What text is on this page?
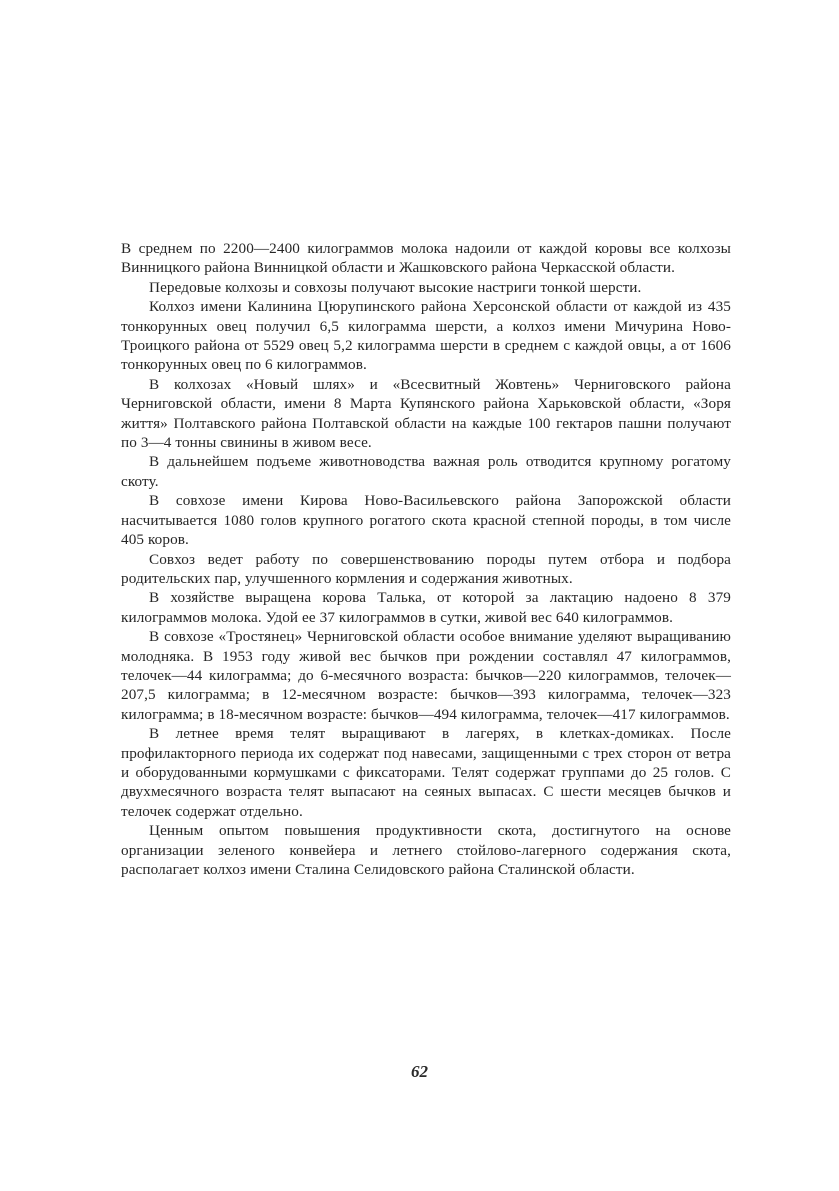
В среднем по 2200—2400 килограммов молока надоили от каждой коровы все колхозы Винницкого района Винницкой области и Жашковского района Черкасской области.

Передовые колхозы и совхозы получают высокие настриги тонкой шерсти.

Колхоз имени Калинина Цюрупинского района Херсонской области от каждой из 435 тонкорунных овец получил 6,5 килограмма шерсти, а колхоз имени Мичурина Ново-Троицкого района от 5529 овец 5,2 килограмма шерсти в среднем с каждой овцы, а от 1606 тонкорунных овец по 6 килограммов.

В колхозах «Новый шлях» и «Всесвитный Жовтень» Черниговского района Черниговской области, имени 8 Марта Купянского района Харьковской области, «Зоря життя» Полтавского района Полтавской области на каждые 100 гектаров пашни получают по 3—4 тонны свинины в живом весе.

В дальнейшем подъеме животноводства важная роль отводится крупному рогатому скоту.

В совхозе имени Кирова Ново-Васильевского района Запорожской области насчитывается 1080 голов крупного рогатого скота красной степной породы, в том числе 405 коров.

Совхоз ведет работу по совершенствованию породы путем отбора и подбора родительских пар, улучшенного кормления и содержания животных.

В хозяйстве выращена корова Талька, от которой за лактацию надоено 8 379 килограммов молока. Удой ее 37 килограммов в сутки, живой вес 640 килограммов.

В совхозе «Тростянец» Черниговской области особое внимание уделяют выращиванию молодняка. В 1953 году живой вес бычков при рождении составлял 47 килограммов, телочек—44 килограмма; до 6-месячного возраста: бычков—220 килограммов, телочек—207,5 килограмма; в 12-месячном возрасте: бычков—393 килограмма, телочек—323 килограмма; в 18-месячном возрасте: бычков—494 килограмма, телочек—417 килограммов.

В летнее время телят выращивают в лагерях, в клетках-домиках. После профилакторного периода их содержат под навесами, защищенными с трех сторон от ветра и оборудованными кормушками с фиксаторами. Телят содержат группами до 25 голов. С двухмесячного возраста телят выпасают на сеяных выпасах. С шести месяцев бычков и телочек содержат отдельно.

Ценным опытом повышения продуктивности скота, достигнутого на основе организации зеленого конвейера и летнего стойлово-лагерного содержания скота, располагает колхоз имени Сталина Селидовского района Сталинской области.

62
